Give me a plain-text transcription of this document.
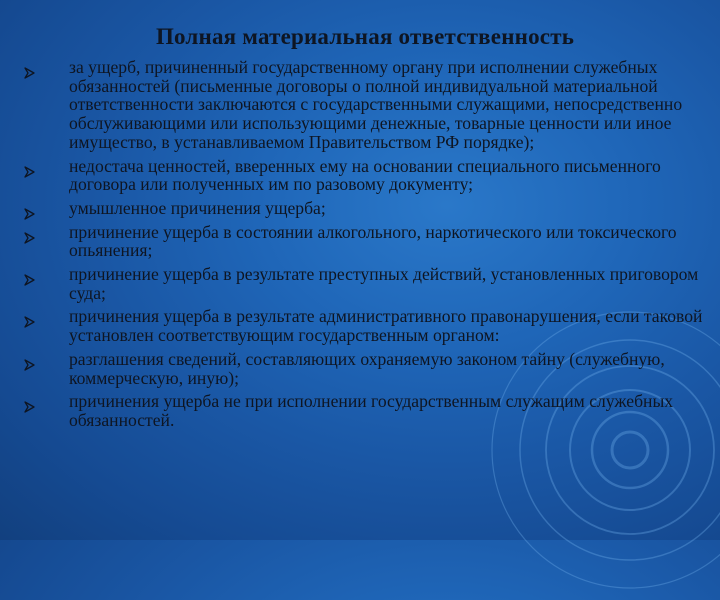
Полная материальная ответственность
за ущерб, причиненный государственному органу при исполнении служебных обязанностей (письменные договоры о полной индивидуальной материальной ответственности заключаются с государственными служащими, непосредственно обслуживающими или использующими денежные, товарные ценности или иное имущество, в устанавливаемом Правительством РФ порядке);
недостача ценностей, вверенных ему на основании специального письменного договора или полученных им по разовому документу;
умышленное причинения ущерба;
причинение ущерба в состоянии алкогольного, наркотического или токсического опьянения;
причинение ущерба в результате преступных действий, установленных приговором суда;
причинения ущерба в результате административного правонарушения, если таковой установлен соответствующим государственным органом:
разглашения сведений, составляющих охраняемую законом тайну (служебную, коммерческую, иную);
причинения ущерба не при исполнении государственным служащим служебных обязанностей.
